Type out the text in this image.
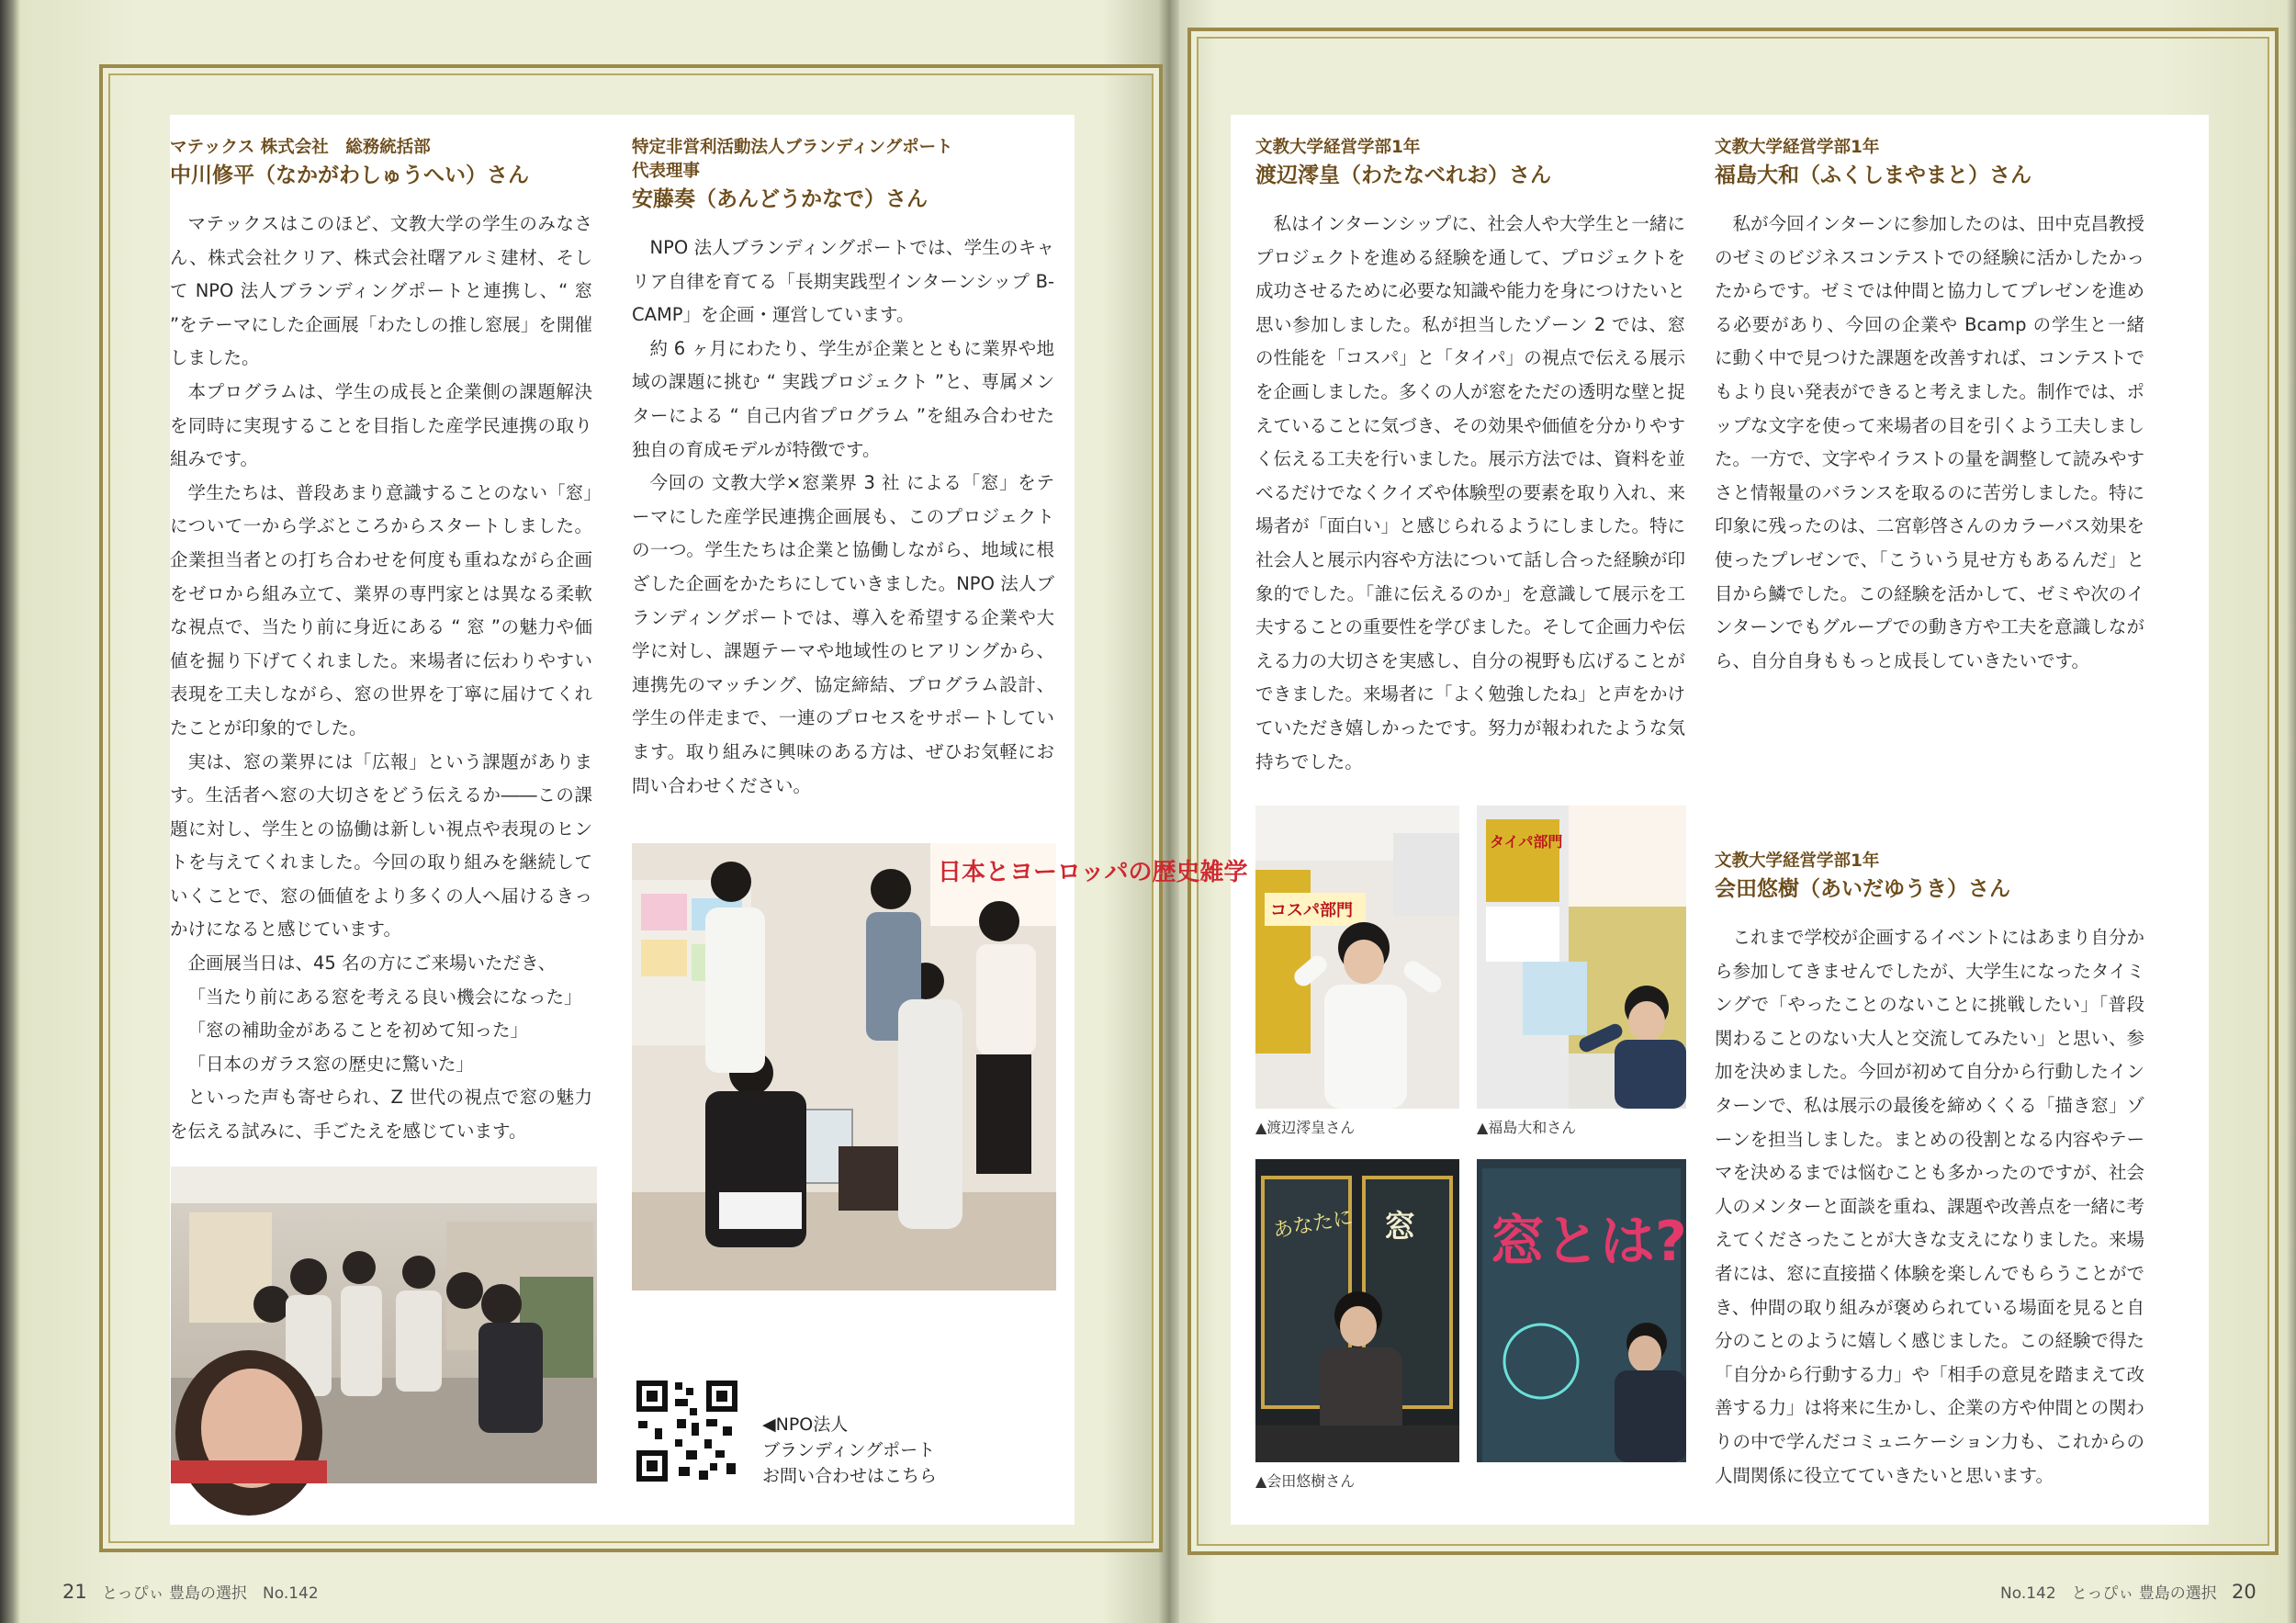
マテックス 株式会社　総務統括部
中川修平（なかがわしゅうへい）さん

マテックスはこのほど、文教大学の学生のみなさん、株式会社クリア、株式会社曙アルミ建材、そして NPO 法人ブランディングポートと連携し、“ 窓 ”をテーマにした企画展「わたしの推し窓展」を開催しました。

本プログラムは、学生の成長と企業側の課題解決を同時に実現することを目指した産学民連携の取り組みです。

学生たちは、普段あまり意識することのない「窓」について一から学ぶところからスタートしました。企業担当者との打ち合わせを何度も重ねながら企画をゼロから組み立て、業界の専門家とは異なる柔軟な視点で、当たり前に身近にある “ 窓 ”の魅力や価値を掘り下げてくれました。来場者に伝わりやすい表現を工夫しながら、窓の世界を丁寧に届けてくれたことが印象的でした。

実は、窓の業界には「広報」という課題があります。生活者へ窓の大切さをどう伝えるか――この課題に対し、学生との協働は新しい視点や表現のヒントを与えてくれました。今回の取り組みを継続していくことで、窓の価値をより多くの人へ届けるきっかけになると感じています。

企画展当日は、45 名の方にご来場いただき、

「当たり前にある窓を考える良い機会になった」

「窓の補助金があることを初めて知った」

「日本のガラス窓の歴史に驚いた」

といった声も寄せられ、Z 世代の視点で窓の魅力を伝える試みに、手ごたえを感じています。

特定非営利活動法人ブランディングポート
代表理事
安藤奏（あんどうかなで）さん

NPO 法人ブランディングポートでは、学生のキャリア自律を育てる「長期実践型インターンシップ B-CAMP」を企画・運営しています。

約 6 ヶ月にわたり、学生が企業とともに業界や地域の課題に挑む “ 実践プロジェクト ”と、専属メンターによる “ 自己内省プログラム ”を組み合わせた独自の育成モデルが特徴です。

今回の 文教大学×窓業界 3 社 による「窓」をテーマにした産学民連携企画展も、このプロジェクトの一つ。学生たちは企業と協働しながら、地域に根ざした企画をかたちにしていきました。NPO 法人ブランディングポートでは、導入を希望する企業や大学に対し、課題テーマや地域性のヒアリングから、連携先のマッチング、協定締結、プログラム設計、学生の伴走まで、一連のプロセスをサポートしています。取り組みに興味のある方は、ぜひお気軽にお問い合わせください。

日本とヨーロッパの歴史雑学
◀NPO法人
ブランディングポート
お問い合わせはこちら
21 とっぴぃ 豊島の選択　No.142
文教大学経営学部1年
渡辺澪皇（わたなべれお）さん

私はインターンシップに、社会人や大学生と一緒にプロジェクトを進める経験を通して、プロジェクトを成功させるために必要な知識や能力を身につけたいと思い参加しました。私が担当したゾーン 2 では、窓の性能を「コスパ」と「タイパ」の視点で伝える展示を企画しました。多くの人が窓をただの透明な壁と捉えていることに気づき、その効果や価値を分かりやすく伝える工夫を行いました。展示方法では、資料を並べるだけでなくクイズや体験型の要素を取り入れ、来場者が「面白い」と感じられるようにしました。特に社会人と展示内容や方法について話し合った経験が印象的でした。「誰に伝えるのか」を意識して展示を工夫することの重要性を学びました。そして企画力や伝える力の大切さを実感し、自分の視野も広げることができました。来場者に「よく勉強したね」と声をかけていただき嬉しかったです。努力が報われたような気持ちでした。

文教大学経営学部1年
福島大和（ふくしまやまと）さん

私が今回インターンに参加したのは、田中克昌教授のゼミのビジネスコンテストでの経験に活かしたかったからです。ゼミでは仲間と協力してプレゼンを進める必要があり、今回の企業や Bcamp の学生と一緒に動く中で見つけた課題を改善すれば、コンテストでもより良い発表ができると考えました。制作では、ポップな文字を使って来場者の目を引くよう工夫しました。一方で、文字やイラストの量を調整して読みやすさと情報量のバランスを取るのに苦労しました。特に印象に残ったのは、二宮彰啓さんのカラーバス効果を使ったプレゼンで、「こういう見せ方もあるんだ」と目から鱗でした。この経験を活かして、ゼミや次のインターンでもグループでの動き方や工夫を意識しながら、自分自身ももっと成長していきたいです。

文教大学経営学部1年
会田悠樹（あいだゆうき）さん

これまで学校が企画するイベントにはあまり自分から参加してきませんでしたが、大学生になったタイミングで「やったことのないことに挑戦したい」「普段関わることのない大人と交流してみたい」と思い、参加を決めました。今回が初めて自分から行動したインターンで、私は展示の最後を締めくくる「描き窓」ゾーンを担当しました。まとめの役割となる内容やテーマを決めるまでは悩むことも多かったのですが、社会人のメンターと面談を重ね、課題や改善点を一緒に考えてくださったことが大きな支えになりました。来場者には、窓に直接描く体験を楽しんでもらうことができ、仲間の取り組みが褒められている場面を見ると自分のことのように嬉しく感じました。この経験で得た「自分から行動する力」や「相手の意見を踏まえて改善する力」は将来に生かし、企業の方や仲間との関わりの中で学んだコミュニケーション力も、これからの人間関係に役立てていきたいと思います。

コスパ部門
▲渡辺澪皇さん
タイパ部門
▲福島大和さん
あなたに 窓
▲会田悠樹さん
窓とは?
No.142　とっぴぃ 豊島の選択 20
